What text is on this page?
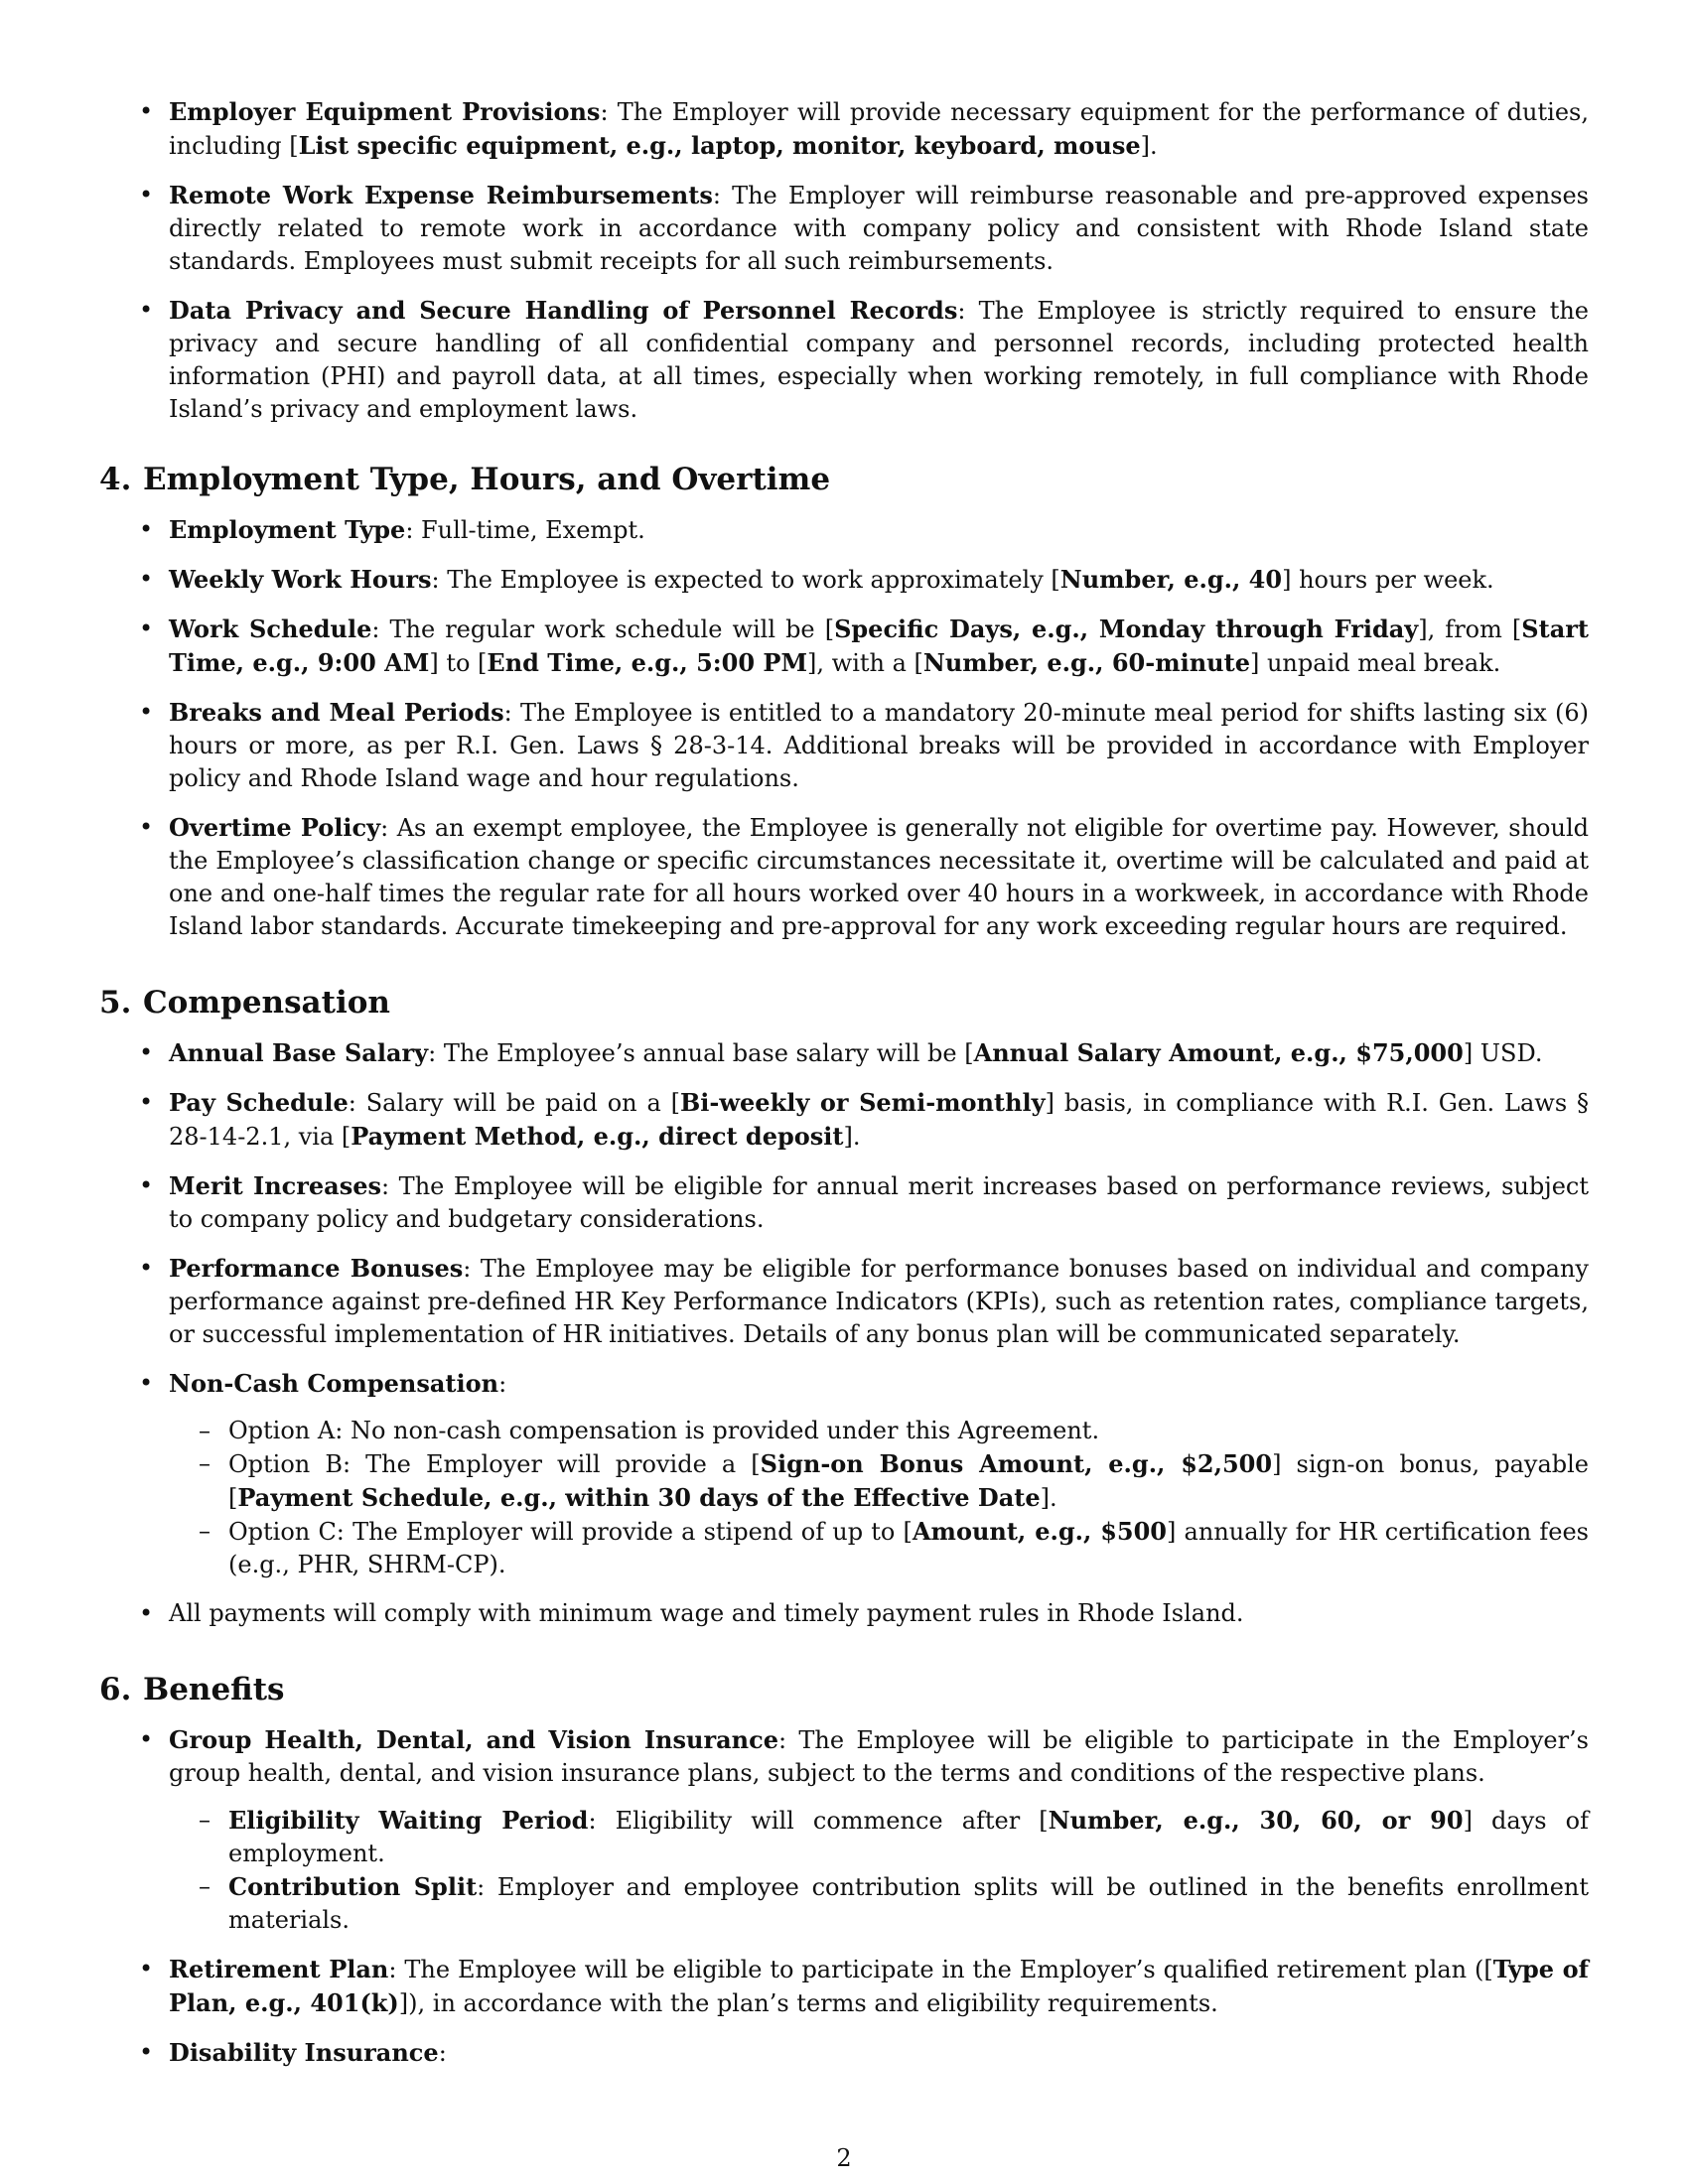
• Employer Equipment Provisions: The Employer will provide necessary equipment for the performance of duties, including [List specific equipment, e.g., laptop, monitor, keyboard, mouse].
• Remote Work Expense Reimbursements: The Employer will reimburse reasonable and pre-approved expenses directly related to remote work in accordance with company policy and consistent with Rhode Island state standards. Employees must submit receipts for all such reimbursements.
• Data Privacy and Secure Handling of Personnel Records: The Employee is strictly required to ensure the privacy and secure handling of all confidential company and personnel records, including protected health information (PHI) and payroll data, at all times, especially when working remotely, in full compliance with Rhode Island’s privacy and employment laws.
4. Employment Type, Hours, and Overtime
• Employment Type: Full-time, Exempt.
• Weekly Work Hours: The Employee is expected to work approximately [Number, e.g., 40] hours per week.
• Work Schedule: The regular work schedule will be [Specific Days, e.g., Monday through Friday], from [Start Time, e.g., 9:00 AM] to [End Time, e.g., 5:00 PM], with a [Number, e.g., 60-minute] unpaid meal break.
• Breaks and Meal Periods: The Employee is entitled to a mandatory 20-minute meal period for shifts lasting six (6) hours or more, as per R.I. Gen. Laws § 28-3-14. Additional breaks will be provided in accordance with Employer policy and Rhode Island wage and hour regulations.
• Overtime Policy: As an exempt employee, the Employee is generally not eligible for overtime pay. However, should the Employee’s classification change or specific circumstances necessitate it, overtime will be calculated and paid at one and one-half times the regular rate for all hours worked over 40 hours in a workweek, in accordance with Rhode Island labor standards. Accurate timekeeping and pre-approval for any work exceeding regular hours are required.
5. Compensation
• Annual Base Salary: The Employee’s annual base salary will be [Annual Salary Amount, e.g., $75,000] USD.
• Pay Schedule: Salary will be paid on a [Bi-weekly or Semi-monthly] basis, in compliance with R.I. Gen. Laws § 28-14-2.1, via [Payment Method, e.g., direct deposit].
• Merit Increases: The Employee will be eligible for annual merit increases based on performance reviews, subject to company policy and budgetary considerations.
• Performance Bonuses: The Employee may be eligible for performance bonuses based on individual and company performance against pre-defined HR Key Performance Indicators (KPIs), such as retention rates, compliance targets, or successful implementation of HR initiatives. Details of any bonus plan will be communicated separately.
• Non-Cash Compensation:
– Option A: No non-cash compensation is provided under this Agreement.
– Option B: The Employer will provide a [Sign-on Bonus Amount, e.g., $2,500] sign-on bonus, payable [Payment Schedule, e.g., within 30 days of the Effective Date].
– Option C: The Employer will provide a stipend of up to [Amount, e.g., $500] annually for HR certification fees (e.g., PHR, SHRM-CP).
• All payments will comply with minimum wage and timely payment rules in Rhode Island.
6. Benefits
• Group Health, Dental, and Vision Insurance: The Employee will be eligible to participate in the Employer’s group health, dental, and vision insurance plans, subject to the terms and conditions of the respective plans.
– Eligibility Waiting Period: Eligibility will commence after [Number, e.g., 30, 60, or 90] days of employment.
– Contribution Split: Employer and employee contribution splits will be outlined in the benefits enrollment materials.
• Retirement Plan: The Employee will be eligible to participate in the Employer’s qualified retirement plan ([Type of Plan, e.g., 401(k)]), in accordance with the plan’s terms and eligibility requirements.
• Disability Insurance:
2
